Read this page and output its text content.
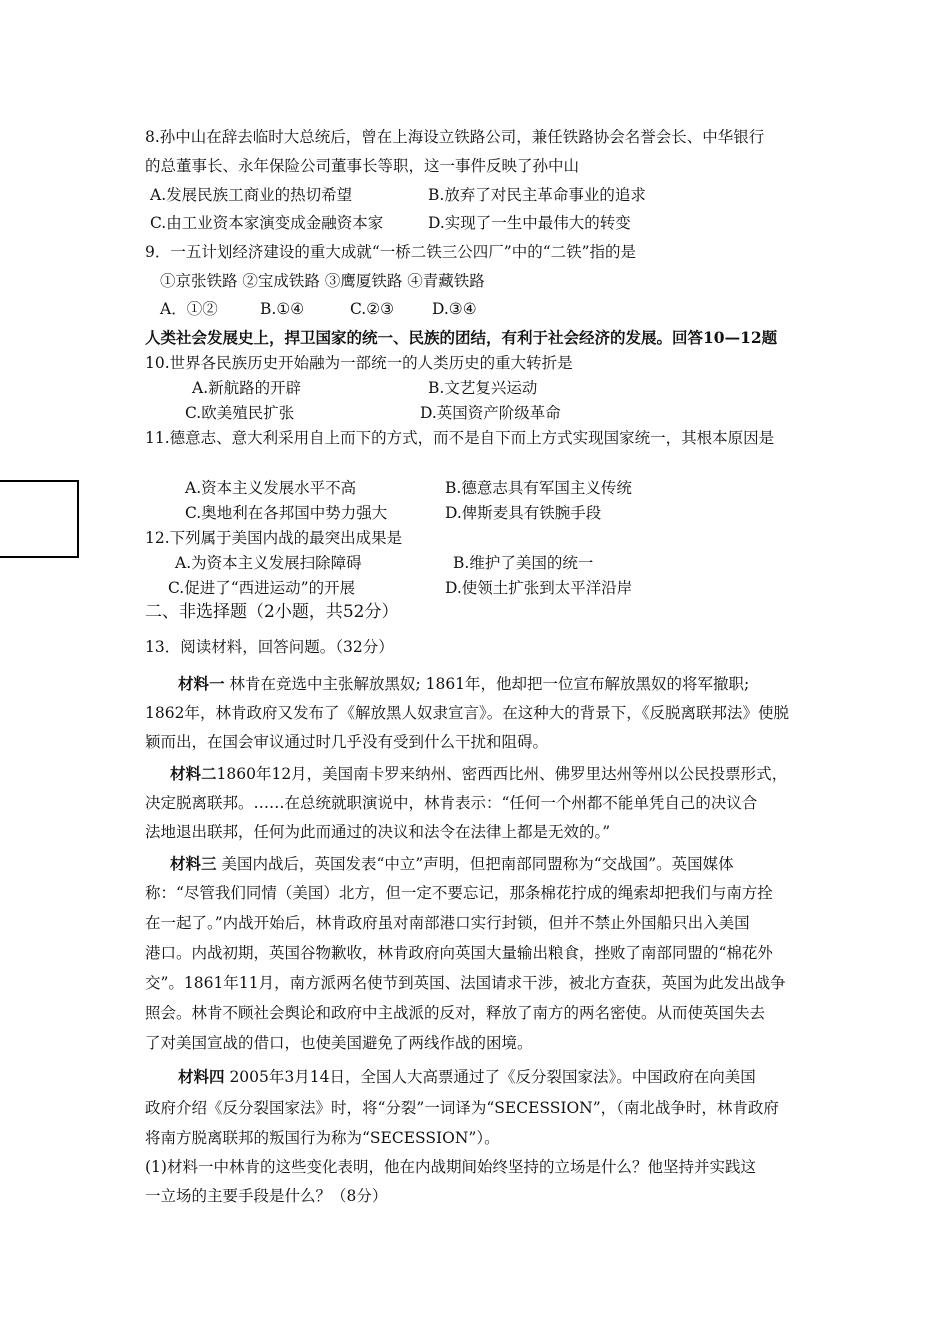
8.孙中山在辞去临时大总统后，曾在上海设立铁路公司，兼任铁路协会名誉会长、中华银行
的总董事长、永年保险公司董事长等职，这一事件反映了孙中山
A.发展民族工商业的热切希望	B.放弃了对民主革命事业的追求
C.由工业资本家演变成金融资本家	D.实现了一生中最伟大的转变
9．一五计划经济建设的重大成就“一桥二铁三公四厂”中的“二铁”指的是
①京张铁路 ②宝成铁路 ③鹰厦铁路 ④青藏铁路
A．①②	B.①④	C.②③ D.③④
人类社会发展史上，捍卫国家的统一、民族的团结，有利于社会经济的发展。回答10—12题
10.世界各民族历史开始融为一部统一的人类历史的重大转折是
A.新航路的开辟	B.文艺复兴运动
C.欧美殖民扩张	D.英国资产阶级革命
11.德意志、意大利采用自上而下的方式，而不是自下而上方式实现国家统一，其根本原因是
A.资本主义发展水平不高	B.德意志具有军国主义传统
C.奥地利在各邦国中势力强大	D.俾斯麦具有铁腕手段
12.下列属于美国内战的最突出成果是
A.为资本主义发展扫除障碍	B.维护了美国的统一
C.促进了“西进运动”的开展	D.使领土扩张到太平洋沿岸
二、非选择题（2小题，共52分）
13．阅读材料，回答问题。（32分）
材料一 林肯在竞选中主张解放黑奴; 1861年，他却把一位宣布解放黑奴的将军撤职;
1862年，林肯政府又发布了《解放黑人奴隶宣言》。在这种大的背景下，《反脱离联邦法》使脱
颖而出，在国会审议通过时几乎没有受到什么干扰和阻碍。
材料二1860年12月，美国南卡罗来纳州、密西西比州、佛罗里达州等州以公民投票形式，
决定脱离联邦。……在总统就职演说中，林肯表示：“任何一个州都不能单凭自己的决议合
法地退出联邦，任何为此而通过的决议和法令在法律上都是无效的。”
材料三 美国内战后，英国发表“中立”声明，但把南部同盟称为“交战国”。英国媒体
称：“尽管我们同情（美国）北方，但一定不要忘记，那条棉花拧成的绳索却把我们与南方拴
在一起了。”内战开始后，林肯政府虽对南部港口实行封锁，但并不禁止外国船只出入美国
港口。内战初期，英国谷物歉收，林肯政府向英国大量输出粮食，挫败了南部同盟的“棉花外
交”。1861年11月，南方派两名使节到英国、法国请求干涉，被北方查获，英国为此发出战争
照会。林肯不顾社会舆论和政府中主战派的反对，释放了南方的两名密使。从而使英国失去
了对美国宣战的借口，也使美国避免了两线作战的困境。
材料四 2005年3月14日，全国人大高票通过了《反分裂国家法》。中国政府在向美国
政府介绍《反分裂国家法》时，将“分裂”一词译为“SECESSION”，（南北战争时，林肯政府
将南方脱离联邦的叛国行为称为“SECESSION”）。
(1)材料一中林肯的这些变化表明，他在内战期间始终坚持的立场是什么？他坚持并实践这
一立场的主要手段是什么？（8分）
